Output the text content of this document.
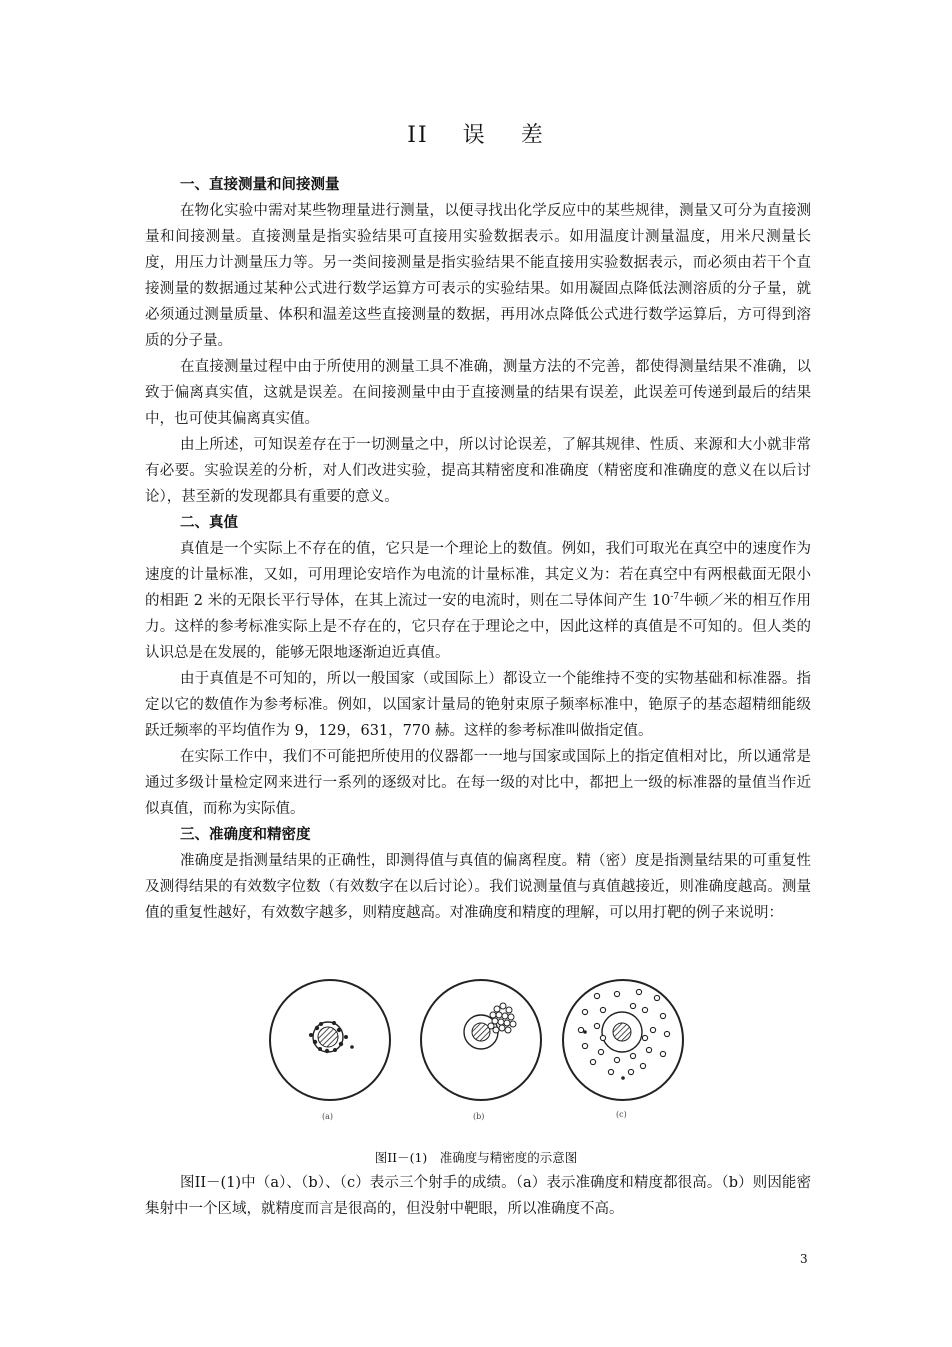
II 误 差

一、直接测量和间接测量

在物化实验中需对某些物理量进行测量，以便寻找出化学反应中的某些规律，测量又可分为直接测量和间接测量。直接测量是指实验结果可直接用实验数据表示。如用温度计测量温度，用米尺测量长度，用压力计测量压力等。另一类间接测量是指实验结果不能直接用实验数据表示，而必须由若干个直接测量的数据通过某种公式进行数学运算方可表示的实验结果。如用凝固点降低法测溶质的分子量，就必须通过测量质量、体积和温差这些直接测量的数据，再用冰点降低公式进行数学运算后，方可得到溶质的分子量。

在直接测量过程中由于所使用的测量工具不准确，测量方法的不完善，都使得测量结果不准确，以致于偏离真实值，这就是误差。在间接测量中由于直接测量的结果有误差，此误差可传递到最后的结果中，也可使其偏离真实值。

由上所述，可知误差存在于一切测量之中，所以讨论误差，了解其规律、性质、来源和大小就非常有必要。实验误差的分析，对人们改进实验，提高其精密度和准确度（精密度和准确度的意义在以后讨论），甚至新的发现都具有重要的意义。

二、真值

真值是一个实际上不存在的值，它只是一个理论上的数值。例如，我们可取光在真空中的速度作为速度的计量标准，又如，可用理论安培作为电流的计量标准，其定义为：若在真空中有两根截面无限小的相距 2 米的无限长平行导体，在其上流过一安的电流时，则在二导体间产生 $10^{-7}$牛顿／米的相互作用力。这样的参考标准实际上是不存在的，它只存在于理论之中，因此这样的真值是不可知的。但人类的认识总是在发展的，能够无限地逐渐迫近真值。

由于真值是不可知的，所以一般国家（或国际上）都设立一个能维持不变的实物基础和标准器。指定以它的数值作为参考标准。例如，以国家计量局的铯射束原子频率标准中，铯原子的基态超精细能级跃迁频率的平均值作为 9，129，631，770 赫。这样的参考标准叫做指定值。

在实际工作中，我们不可能把所使用的仪器都一一地与国家或国际上的指定值相对比，所以通常是通过多级计量检定网来进行一系列的逐级对比。在每一级的对比中，都把上一级的标准器的量值当作近似真值，而称为实际值。

三、准确度和精密度

准确度是指测量结果的正确性，即测得值与真值的偏离程度。精（密）度是指测量结果的可重复性及测得结果的有效数字位数（有效数字在以后讨论）。我们说测量值与真值越接近，则准确度越高。测量值的重复性越好，有效数字越多，则精度越高。对准确度和精度的理解，可以用打靶的例子来说明：

(a)	(b)	(c)
图II－(1)　准确度与精密度的示意图

图II－(1)中（a）、（b）、（c）表示三个射手的成绩。（a）表示准确度和精度都很高。（b）则因能密集射中一个区域，就精度而言是很高的，但没射中靶眼，所以准确度不高。

3
